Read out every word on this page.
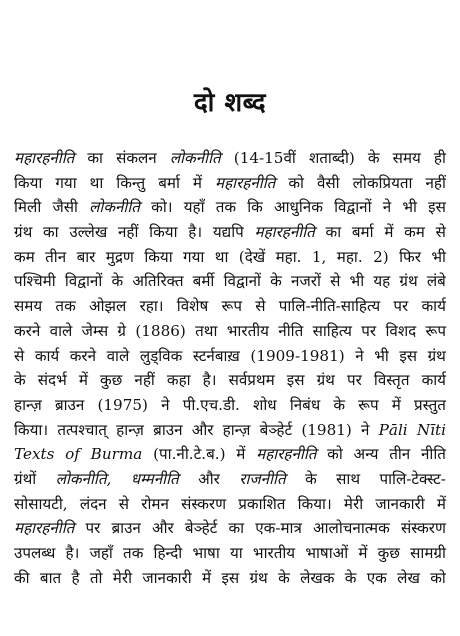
दो शब्द
महारहनीति का संकलन लोकनीति (14-15वीं शताब्दी) के समय ही
किया गया था किन्तु बर्मा में महारहनीति को वैसी लोकप्रियता नहीं
मिली जैसी लोकनीति को। यहाँ तक कि आधुनिक विद्वानों ने भी इस
ग्रंथ का उल्लेख नहीं किया है। यद्यपि महारहनीति का बर्मा में कम से
कम तीन बार मुद्रण किया गया था (देखें महा. 1, महा. 2) फिर भी
पश्चिमी विद्वानों के अतिरिक्त बर्मी विद्वानों के नजरों से भी यह ग्रंथ लंबे
समय तक ओझल रहा। विशेष रूप से पालि-नीति-साहित्य पर कार्य
करने वाले जेम्स ग्रे (1886) तथा भारतीय नीति साहित्य पर विशद रूप
से कार्य करने वाले लुड्विक स्टर्नबाख़ (1909-1981) ने भी इस ग्रंथ
के संदर्भ में कुछ नहीं कहा है। सर्वप्रथम इस ग्रंथ पर विस्तृत कार्य
हान्ज़ ब्राउन (1975) ने पी.एच.डी. शोध निबंध के रूप में प्रस्तुत
किया। तत्पश्चात् हान्ज़ ब्राउन और हान्ज़ बेञ्हेर्ट (1981) ने Pāli Nīti
Texts of Burma (पा.नी.टे.ब.) में महारहनीति को अन्य तीन नीति
ग्रंथों लोकनीति, धम्मनीति और राजनीति के साथ पालि-टेक्स्ट-
सोसायटी, लंदन से रोमन संस्करण प्रकाशित किया। मेरी जानकारी में
महारहनीति पर ब्राउन और बेञ्हेर्ट का एक-मात्र आलोचनात्मक संस्करण
उपलब्ध है। जहाँ तक हिन्दी भाषा या भारतीय भाषाओं में कुछ सामग्री
की बात है तो मेरी जानकारी में इस ग्रंथ के लेखक के एक लेख को
